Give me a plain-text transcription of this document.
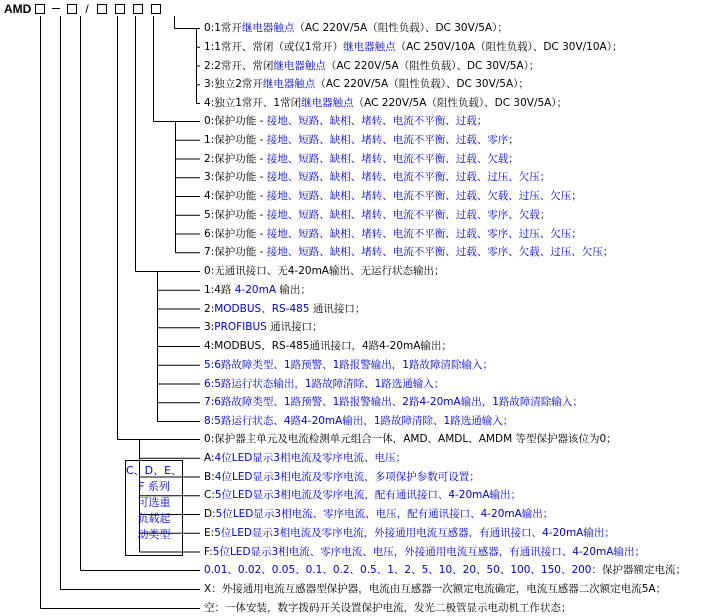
AMD	/
0:1常开继电器触点（AC 220V/5A（阻性负载）、DC 30V/5A）；
1:1常开、常闭（或仅1常开）继电器触点（AC 250V/10A（阻性负载）、DC 30V/10A）；
2:2常开、常闭继电器触点（AC 220V/5A（阻性负载）、DC 30V/5A）；
3:独立2常开继电器触点（AC 220V/5A（阻性负载）、DC 30V/5A）；
4:独立1常开、1常闭继电器触点（AC 220V/5A（阻性负载）、DC 30V/5A）；
0:保护功能 - 接地、短路、缺相、堵转、电流不平衡、过载；
1:保护功能 - 接地、短路、缺相、堵转、电流不平衡、过载、零序；
2:保护功能 - 接地、短路、缺相、堵转、电流不平衡、过载、欠载；
3:保护功能 - 接地、短路、缺相、堵转、电流不平衡、过载、过压、欠压；
4:保护功能 - 接地、短路、缺相、堵转、电流不平衡、过载、欠载、过压、欠压；
5:保护功能 - 接地、短路、缺相、堵转、电流不平衡、过载、零序、欠载；
6:保护功能 - 接地、短路、缺相、堵转、电流不平衡、过载、零序、过压、欠压；
7:保护功能 - 接地、短路、缺相、堵转、电流不平衡、过载、零序、欠载、过压、欠压；
0:无通讯接口、无4-20mA输出、无运行状态输出；
1:4路 4-20mA 输出；
2:MODBUS、RS-485 通讯接口；
3:PROFIBUS 通讯接口；
4:MODBUS、RS-485通讯接口，4路4-20mA输出；
5:6路故障类型、1路预警、1路报警输出，1路故障清除输入；
6:5路运行状态输出，1路故障清除、1路选通输入；
7:6路故障类型、1路预警、1路报警输出、2路4-20mA输出，1路故障清除输入；
8:5路运行状态、4路4-20mA输出，1路故障清除、1路选通输入；
0:保护器主单元及电流检测单元组合一体，AMD、AMDL、AMDM 等型保护器该位为0；
A:4位LED显示3相电流及零序电流、电压；
B:4位LED显示3相电流及零序电流，多项保护参数可设置；
C:5位LED显示3相电流及零序电流，配有通讯接口、4-20mA输出；
D:5位LED显示3相电流、零序电流、电压，配有通讯接口、4-20mA输出；
E:5位LED显示3相电流及零序电流，外接通用电流互感器，有通讯接口、4-20mA输出；
F:5位LED显示3相电流、零序电流、电压，外接通用电流互感器，有通讯接口、4-20mA输出；
0.01、0.02、0.05、0.1、0.2、0.5、1、2、5、10、20、50、100、150、200：保护器额定电流；
X：外接通用电流互感器型保护器，电流由互感器一次额定电流确定，电流互感器二次额定电流5A；
空：一体安装，数字拨码开关设置保护电流，发光二极管显示电动机工作状态；
C、D、E、
F 系列
可选重
负载起
动类型
